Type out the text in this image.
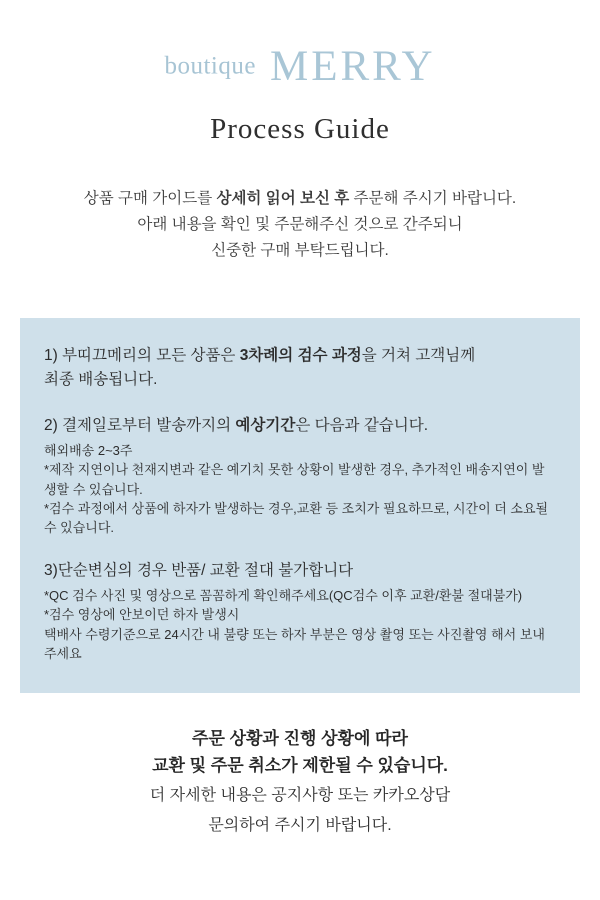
boutique MERRY
Process Guide
상품 구매 가이드를 상세히 읽어 보신 후 주문해 주시기 바랍니다.
아래 내용을 확인 및 주문해주신 것으로 간주되니
신중한 구매 부탁드립니다.
1) 부띠끄메리의 모든 상품은 3차례의 검수 과정을 거쳐 고객님께
최종 배송됩니다.
2) 결제일로부터 발송까지의 예상기간은 다음과 같습니다.
해외배송 2~3주
*제작 지연이나 천재지변과 같은 예기치 못한 상황이 발생한 경우, 추가적인 배송지연이 발생할 수 있습니다.
*검수 과정에서 상품에 하자가 발생하는 경우,교환 등 조치가 필요하므로, 시간이 더 소요될 수 있습니다.
3)단순변심의 경우 반품/ 교환 절대 불가합니다
*QC 검수 사진 및 영상으로 꼼꼼하게 확인해주세요(QC검수 이후 교환/환불 절대불가)
*검수 영상에 안보이던 하자 발생시
택배사 수령기준으로 24시간 내 불량 또는 하자 부분은 영상 촬영 또는 사진촬영 해서 보내주세요
주문 상황과 진행 상황에 따라
교환 및 주문 취소가 제한될 수 있습니다.
더 자세한 내용은 공지사항 또는 카카오상담
문의하여 주시기 바랍니다.
